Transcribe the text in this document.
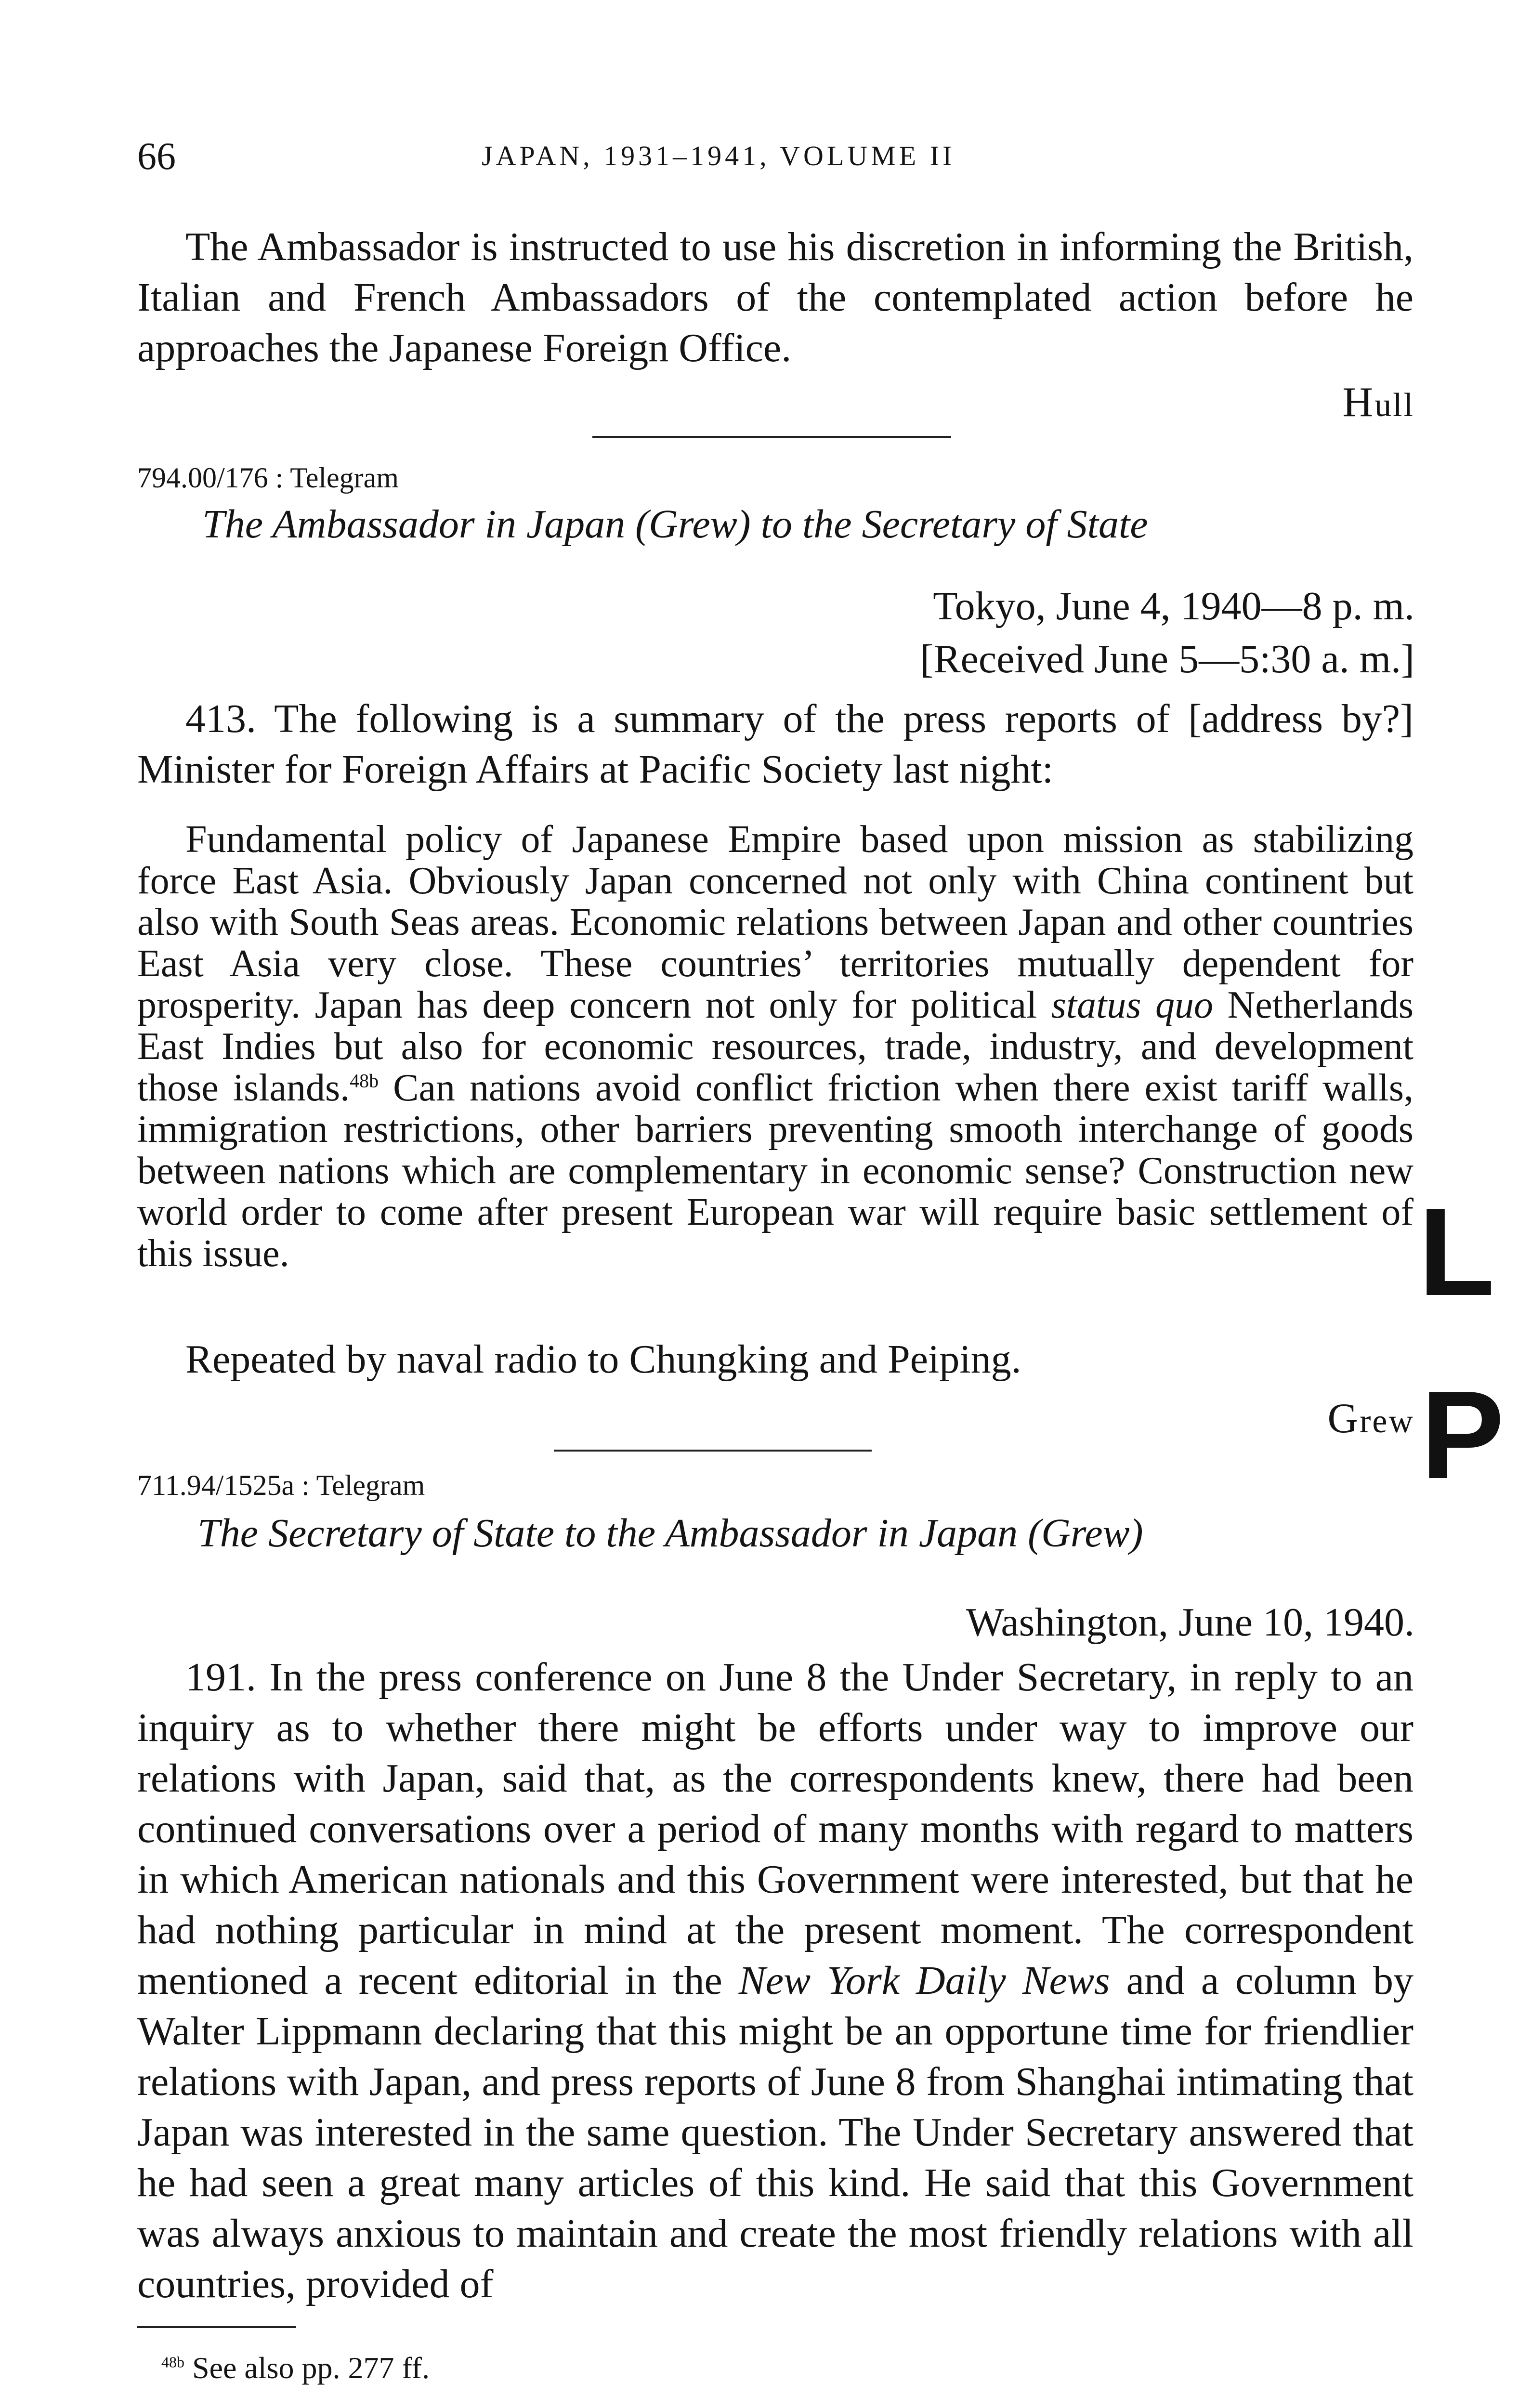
66	JAPAN, 1931–1941, VOLUME II
The Ambassador is instructed to use his discretion in informing the British, Italian and French Ambassadors of the contemplated action before he approaches the Japanese Foreign Office.
Hull
794.00/176 : Telegram
The Ambassador in Japan (Grew) to the Secretary of State
Tokyo, June 4, 1940—8 p. m.
[Received June 5—5:30 a. m.]
413. The following is a summary of the press reports of [address by?] Minister for Foreign Affairs at Pacific Society last night:
Fundamental policy of Japanese Empire based upon mission as stabilizing force East Asia. Obviously Japan concerned not only with China continent but also with South Seas areas. Economic relations between Japan and other countries East Asia very close. These countries’ territories mutually dependent for prosperity. Japan has deep concern not only for political status quo Netherlands East Indies but also for economic resources, trade, industry, and development those islands.$^{48b}$ Can nations avoid conflict friction when there exist tariff walls, immigration restrictions, other barriers preventing smooth interchange of goods between nations which are complementary in economic sense? Construction new world order to come after present European war will require basic settlement of this issue.
Repeated by naval radio to Chungking and Peiping.
Grew
711.94/1525a : Telegram
The Secretary of State to the Ambassador in Japan (Grew)
Washington, June 10, 1940.
191. In the press conference on June 8 the Under Secretary, in reply to an inquiry as to whether there might be efforts under way to improve our relations with Japan, said that, as the correspondents knew, there had been continued conversations over a period of many months with regard to matters in which American nationals and this Government were interested, but that he had nothing particular in mind at the present moment. The correspondent mentioned a recent editorial in the New York Daily News and a column by Walter Lippmann declaring that this might be an opportune time for friendlier relations with Japan, and press reports of June 8 from Shanghai intimating that Japan was interested in the same question. The Under Secretary answered that he had seen a great many articles of this kind. He said that this Government was always anxious to maintain and create the most friendly relations with all countries, provided of
$^{48b}$ See also pp. 277 ff.
L
P
